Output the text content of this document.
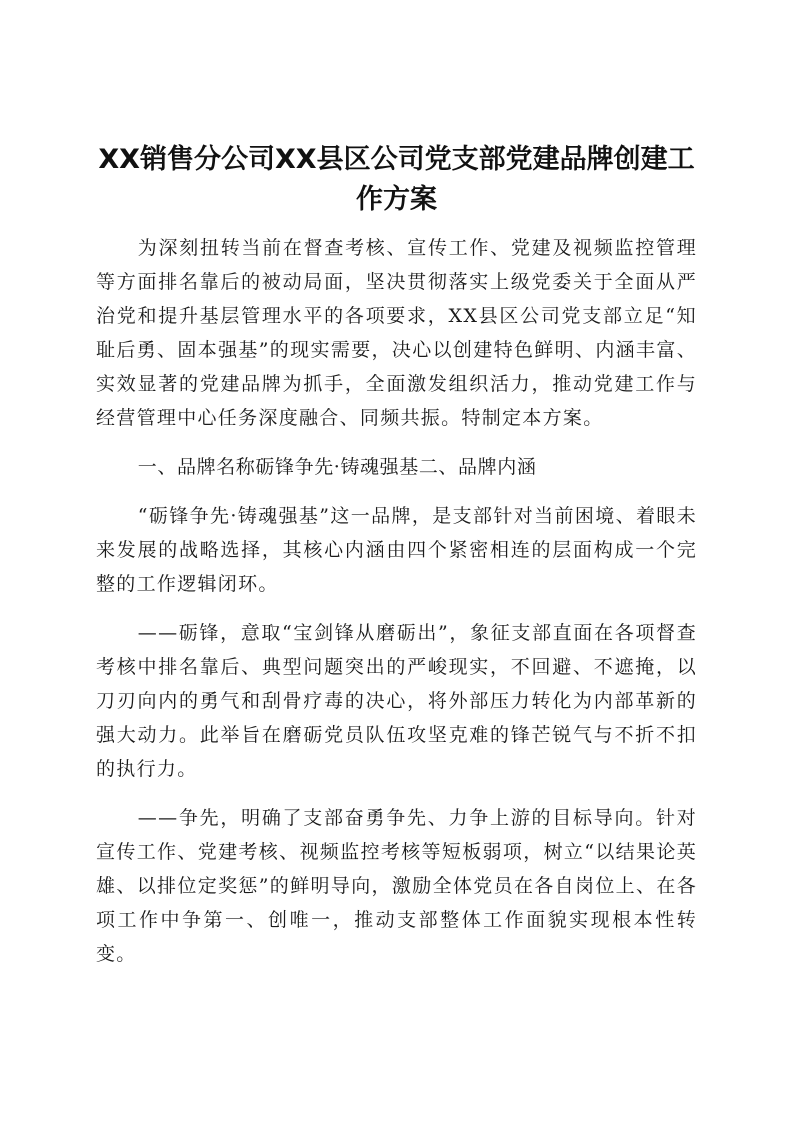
XX销售分公司XX县区公司党支部党建品牌创建工作方案

为深刻扭转当前在督查考核、宣传工作、党建及视频监控管理等方面排名靠后的被动局面，坚决贯彻落实上级党委关于全面从严治党和提升基层管理水平的各项要求，XX县区公司党支部立足“知耻后勇、固本强基”的现实需要，决心以创建特色鲜明、内涵丰富、实效显著的党建品牌为抓手，全面激发组织活力，推动党建工作与经营管理中心任务深度融合、同频共振。特制定本方案。

一、品牌名称砺锋争先·铸魂强基二、品牌内涵

“砺锋争先·铸魂强基”这一品牌，是支部针对当前困境、着眼未来发展的战略选择，其核心内涵由四个紧密相连的层面构成一个完整的工作逻辑闭环。

——砺锋，意取“宝剑锋从磨砺出”，象征支部直面在各项督查考核中排名靠后、典型问题突出的严峻现实，不回避、不遮掩，以刀刃向内的勇气和刮骨疗毒的决心，将外部压力转化为内部革新的强大动力。此举旨在磨砺党员队伍攻坚克难的锋芒锐气与不折不扣的执行力。

——争先，明确了支部奋勇争先、力争上游的目标导向。针对宣传工作、党建考核、视频监控考核等短板弱项，树立“以结果论英雄、以排位定奖惩”的鲜明导向，激励全体党员在各自岗位上、在各项工作中争第一、创唯一，推动支部整体工作面貌实现根本性转变。
